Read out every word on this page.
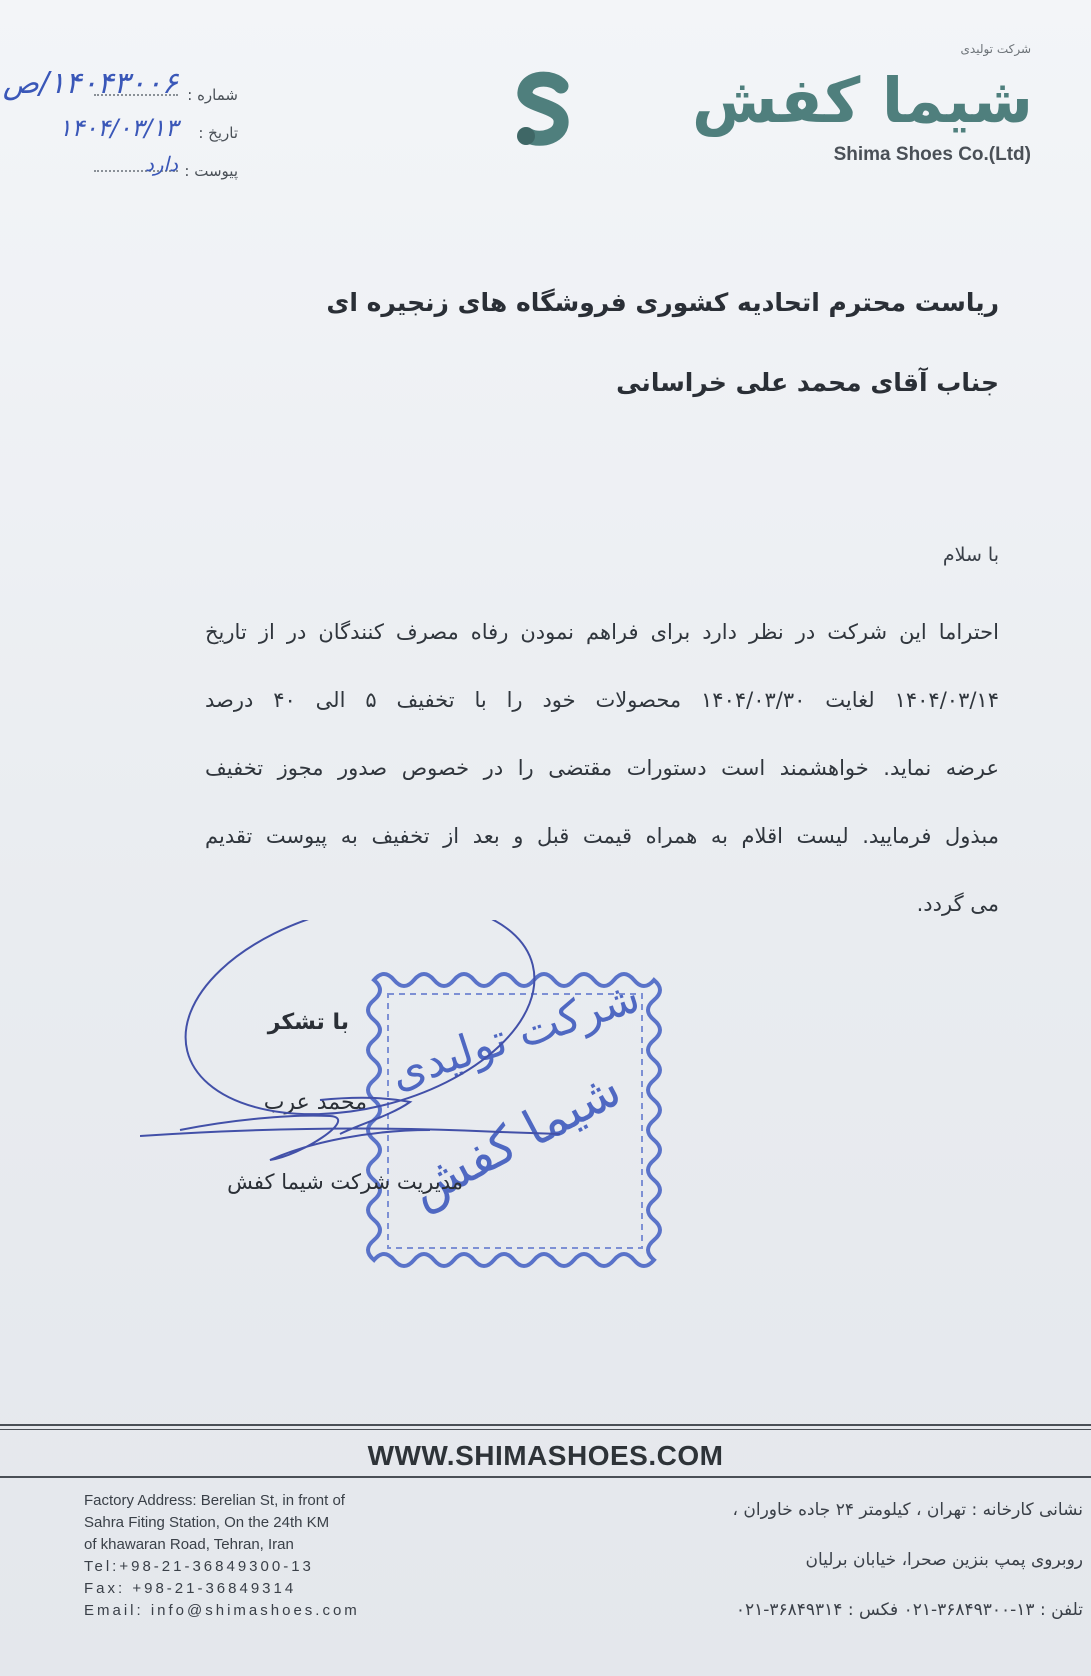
شرکت تولیدی
شیما کفش
Shima Shoes Co.(Ltd)
شماره :
۱۴۰۴۳۰۰۶/ص
تاریخ :
۱۴۰۴/۰۳/۱۳
پیوست :
دارد
ریاست محترم اتحادیه کشوری فروشگاه های زنجیره ای
جناب آقای محمد علی خراسانی
با سلام
احتراما این شرکت در نظر دارد برای فراهم نمودن رفاه مصرف کنندگان در از تاریخ
۱۴۰۴/۰۳/۱۴ لغایت ۱۴۰۴/۰۳/۳۰ محصولات خود را با تخفیف ۵ الی ۴۰ درصد
عرضه نماید. خواهشمند است دستورات مقتضی را در خصوص صدور مجوز تخفیف
مبذول فرمایید. لیست اقلام به همراه قیمت قبل و بعد از تخفیف به پیوست تقدیم
می گردد.
شرکت تولیدی
شیما کفش
با تشکر
محمد عرب
مدیریت شرکت شیما کفش
WWW.SHIMASHOES.COM
Factory Address: Berelian St, in front of
Sahra Fiting Station, On the 24th KM
of khawaran Road, Tehran, Iran
Tel:+98-21-36849300-13
Fax: +98-21-36849314
Email: info@shimashoes.com
نشانی کارخانه : تهران ، کیلومتر ۲۴ جاده خاوران ،
روبروی پمپ بنزین صحرا، خیابان برلیان
تلفن : ۱۳-۳۶۸۴۹۳۰۰-۰۲۱ فکس : ۳۶۸۴۹۳۱۴-۰۲۱
